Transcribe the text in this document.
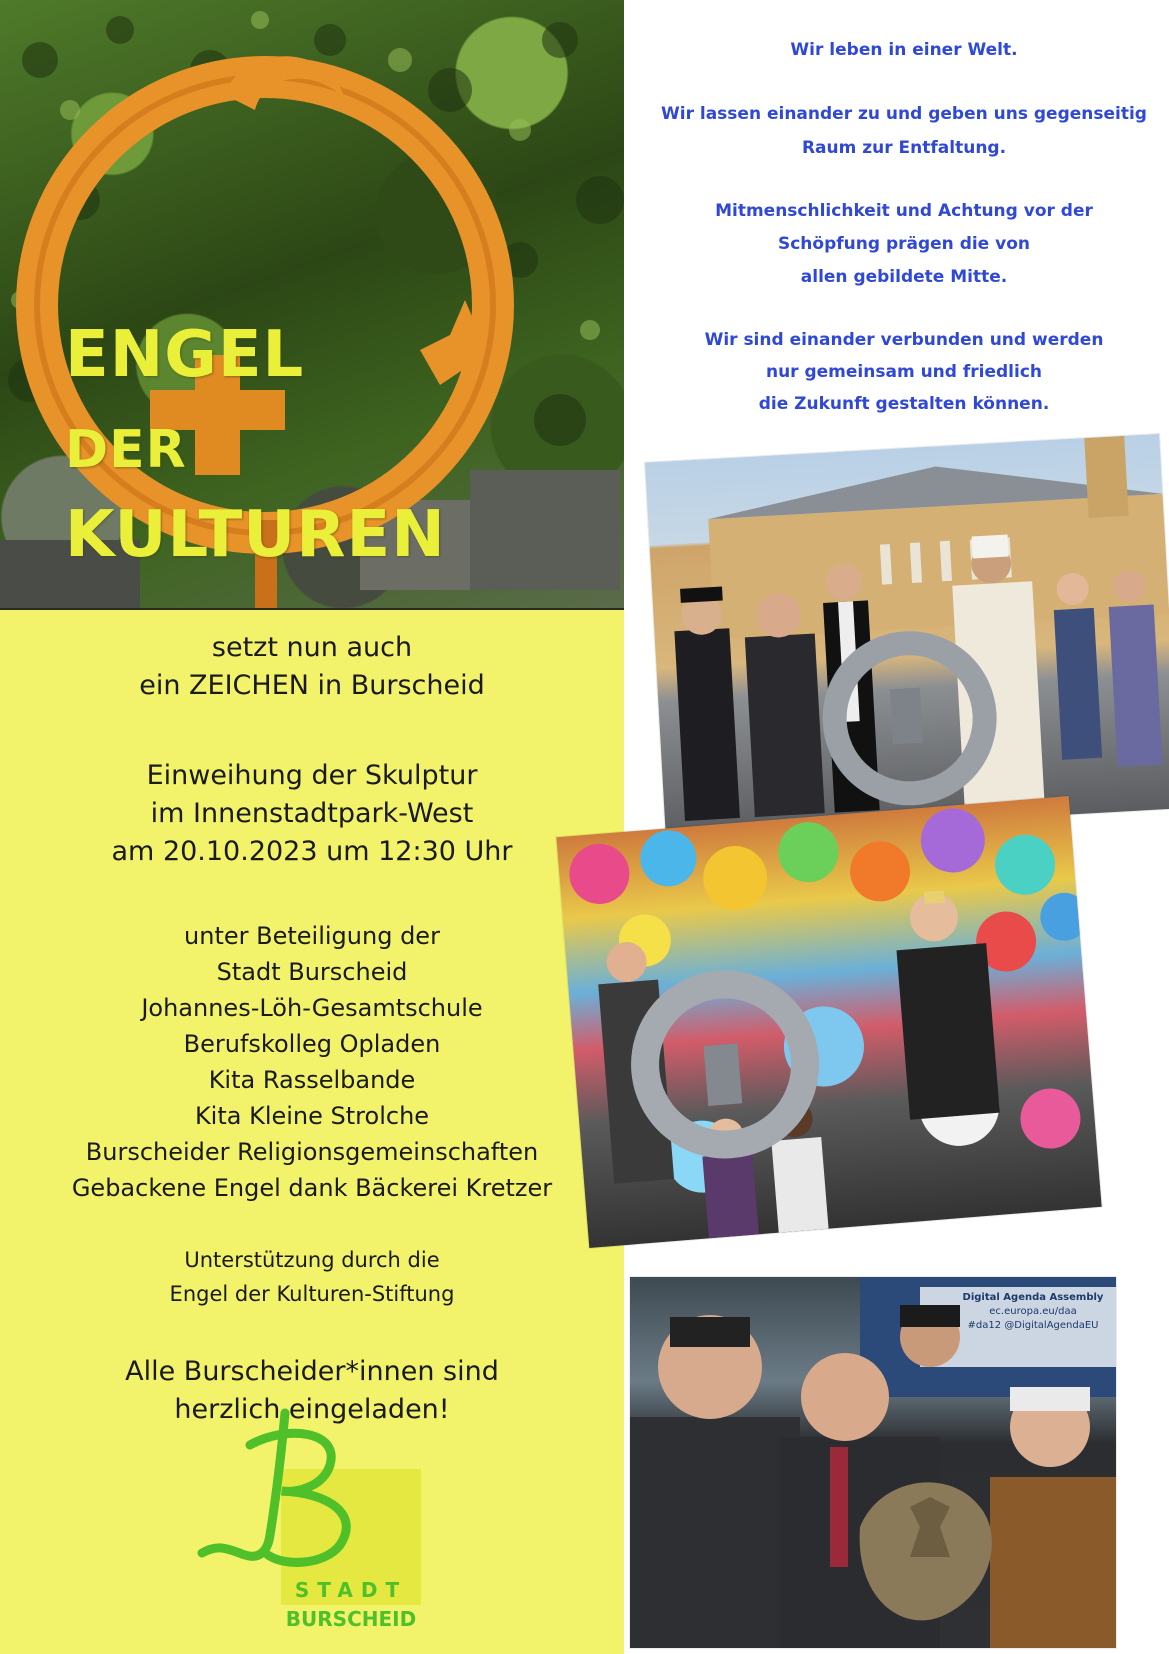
ENGEL
DER
KULTUREN
Wir leben in einer Welt.
Wir lassen einander zu und geben uns gegenseitig
Raum zur Entfaltung.
Mitmenschlichkeit und Achtung vor der
Schöpfung prägen die von
allen gebildete Mitte.
Wir sind einander verbunden und werden
nur gemeinsam und friedlich
die Zukunft gestalten können.
setzt nun auch
ein ZEICHEN in Burscheid
Einweihung der Skulptur
im Innenstadtpark-West
am 20.10.2023 um 12:30 Uhr
unter Beteiligung der
Stadt Burscheid
Johannes-Löh-Gesamtschule
Berufskolleg Opladen
Kita Rasselbande
Kita Kleine Strolche
Burscheider Religionsgemeinschaften
Gebackene Engel dank Bäckerei Kretzer
Unterstützung durch die
Engel der Kulturen-Stiftung
Alle Burscheider*innen sind
herzlich eingeladen!
STADT
BURSCHEID
Digital Agenda Assembly
ec.europa.eu/daa
#da12 @DigitalAgendaEU
